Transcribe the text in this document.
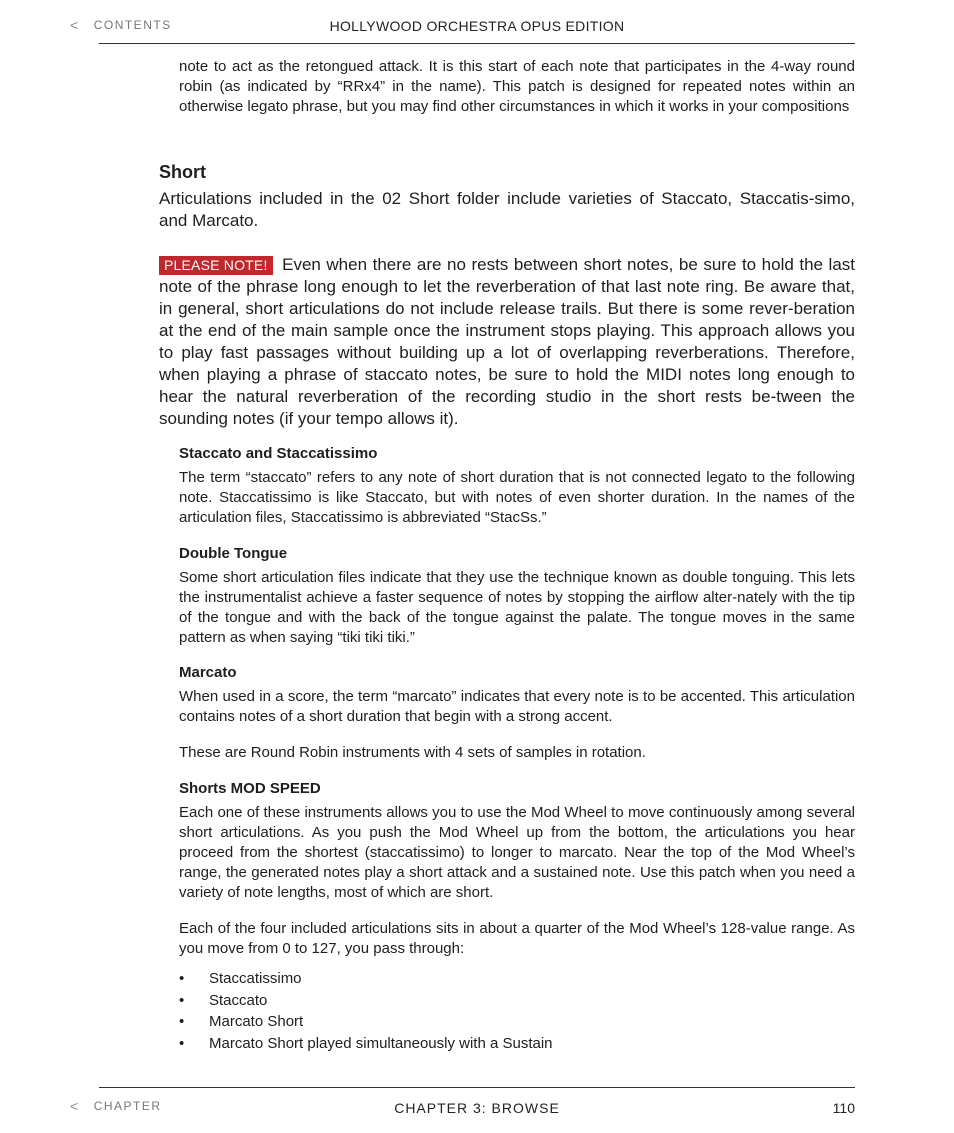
< CONTENTS	HOLLYWOOD ORCHESTRA OPUS EDITION

note to act as the retongued attack. It is this start of each note that participates in the 4-way round robin (as indicated by “RRx4” in the name). This patch is designed for repeated notes within an otherwise legato phrase, but you may find other circumstances in which it works in your compositions

Short

Articulations included in the 02 Short folder include varieties of Staccato, Staccatis-simo, and Marcato.

PLEASE NOTE! Even when there are no rests between short notes, be sure to hold the last note of the phrase long enough to let the reverberation of that last note ring. Be aware that, in general, short articulations do not include release trails. But there is some rever-beration at the end of the main sample once the instrument stops playing. This approach allows you to play fast passages without building up a lot of overlapping reverberations. Therefore, when playing a phrase of staccato notes, be sure to hold the MIDI notes long enough to hear the natural reverberation of the recording studio in the short rests be-tween the sounding notes (if your tempo allows it).

Staccato and Staccatissimo

The term “staccato” refers to any note of short duration that is not connected legato to the following note. Staccatissimo is like Staccato, but with notes of even shorter duration. In the names of the articulation files, Staccatissimo is abbreviated “StacSs.”

Double Tongue

Some short articulation files indicate that they use the technique known as double tonguing. This lets the instrumentalist achieve a faster sequence of notes by stopping the airflow alter-nately with the tip of the tongue and with the back of the tongue against the palate. The tongue moves in the same pattern as when saying “tiki tiki tiki.”

Marcato

When used in a score, the term “marcato” indicates that every note is to be accented. This articulation contains notes of a short duration that begin with a strong accent.

These are Round Robin instruments with 4 sets of samples in rotation.

Shorts MOD SPEED

Each one of these instruments allows you to use the Mod Wheel to move continuously among several short articulations. As you push the Mod Wheel up from the bottom, the articulations you hear proceed from the shortest (staccatissimo) to longer to marcato. Near the top of the Mod Wheel’s range, the generated notes play a short attack and a sustained note. Use this patch when you need a variety of note lengths, most of which are short.

Each of the four included articulations sits in about a quarter of the Mod Wheel’s 128-value range. As you move from 0 to 127, you pass through:

• Staccatissimo
• Staccato
• Marcato Short
• Marcato Short played simultaneously with a Sustain
< CHAPTER	CHAPTER 3: BROWSE	110
